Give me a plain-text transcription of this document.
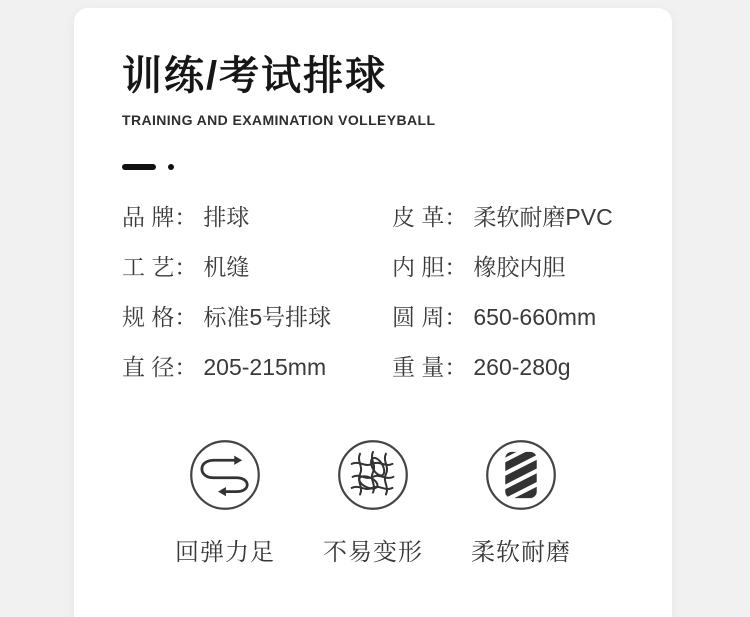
训练/考试排球
TRAINING AND EXAMINATION VOLLEYBALL
品 牌： 排球	皮 革： 柔软耐磨PVC
工 艺： 机缝	内 胆： 橡胶内胆
规 格： 标准5号排球	圆 周： 650-660mm
直 径： 205-215mm	重 量： 260-280g
回弹力足 不易变形 柔软耐磨
